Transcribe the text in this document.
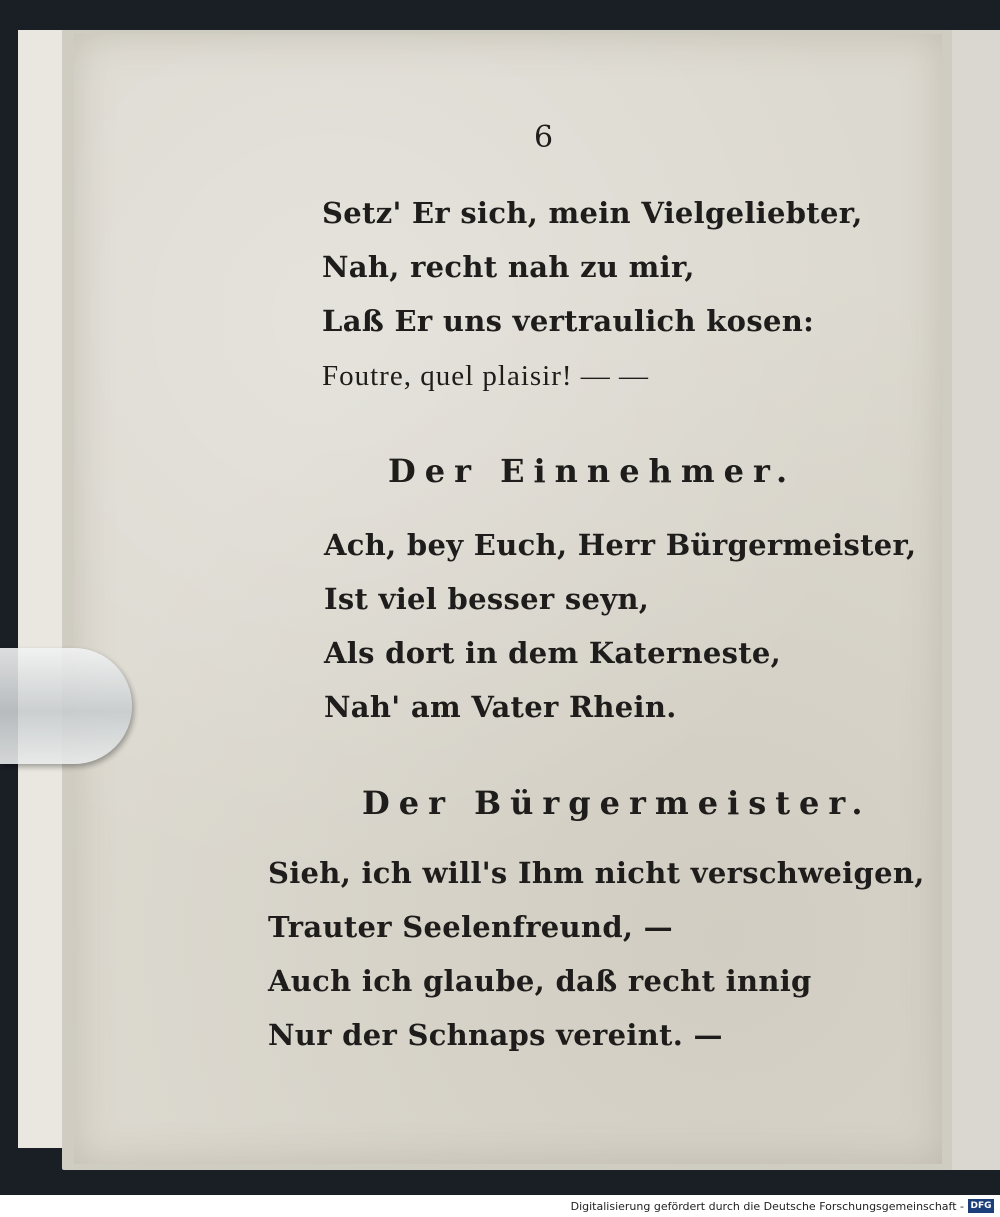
6
Setz' Er sich, mein Vielgeliebter,
Nah, recht nah zu mir,
Laß Er uns vertraulich kosen:
Foutre, quel plaisir! — —
Der Einnehmer.
Ach, bey Euch, Herr Bürgermeister,
Ist viel besser seyn,
Als dort in dem Katerneste,
Nah' am Vater Rhein.
Der Bürgermeister.
Sieh, ich will's Ihm nicht verschweigen,
Trauter Seelenfreund, —
Auch ich glaube, daß recht innig
Nur der Schnaps vereint. —
Digitalisierung gefördert durch die Deutsche Forschungsgemeinschaft - DFG
